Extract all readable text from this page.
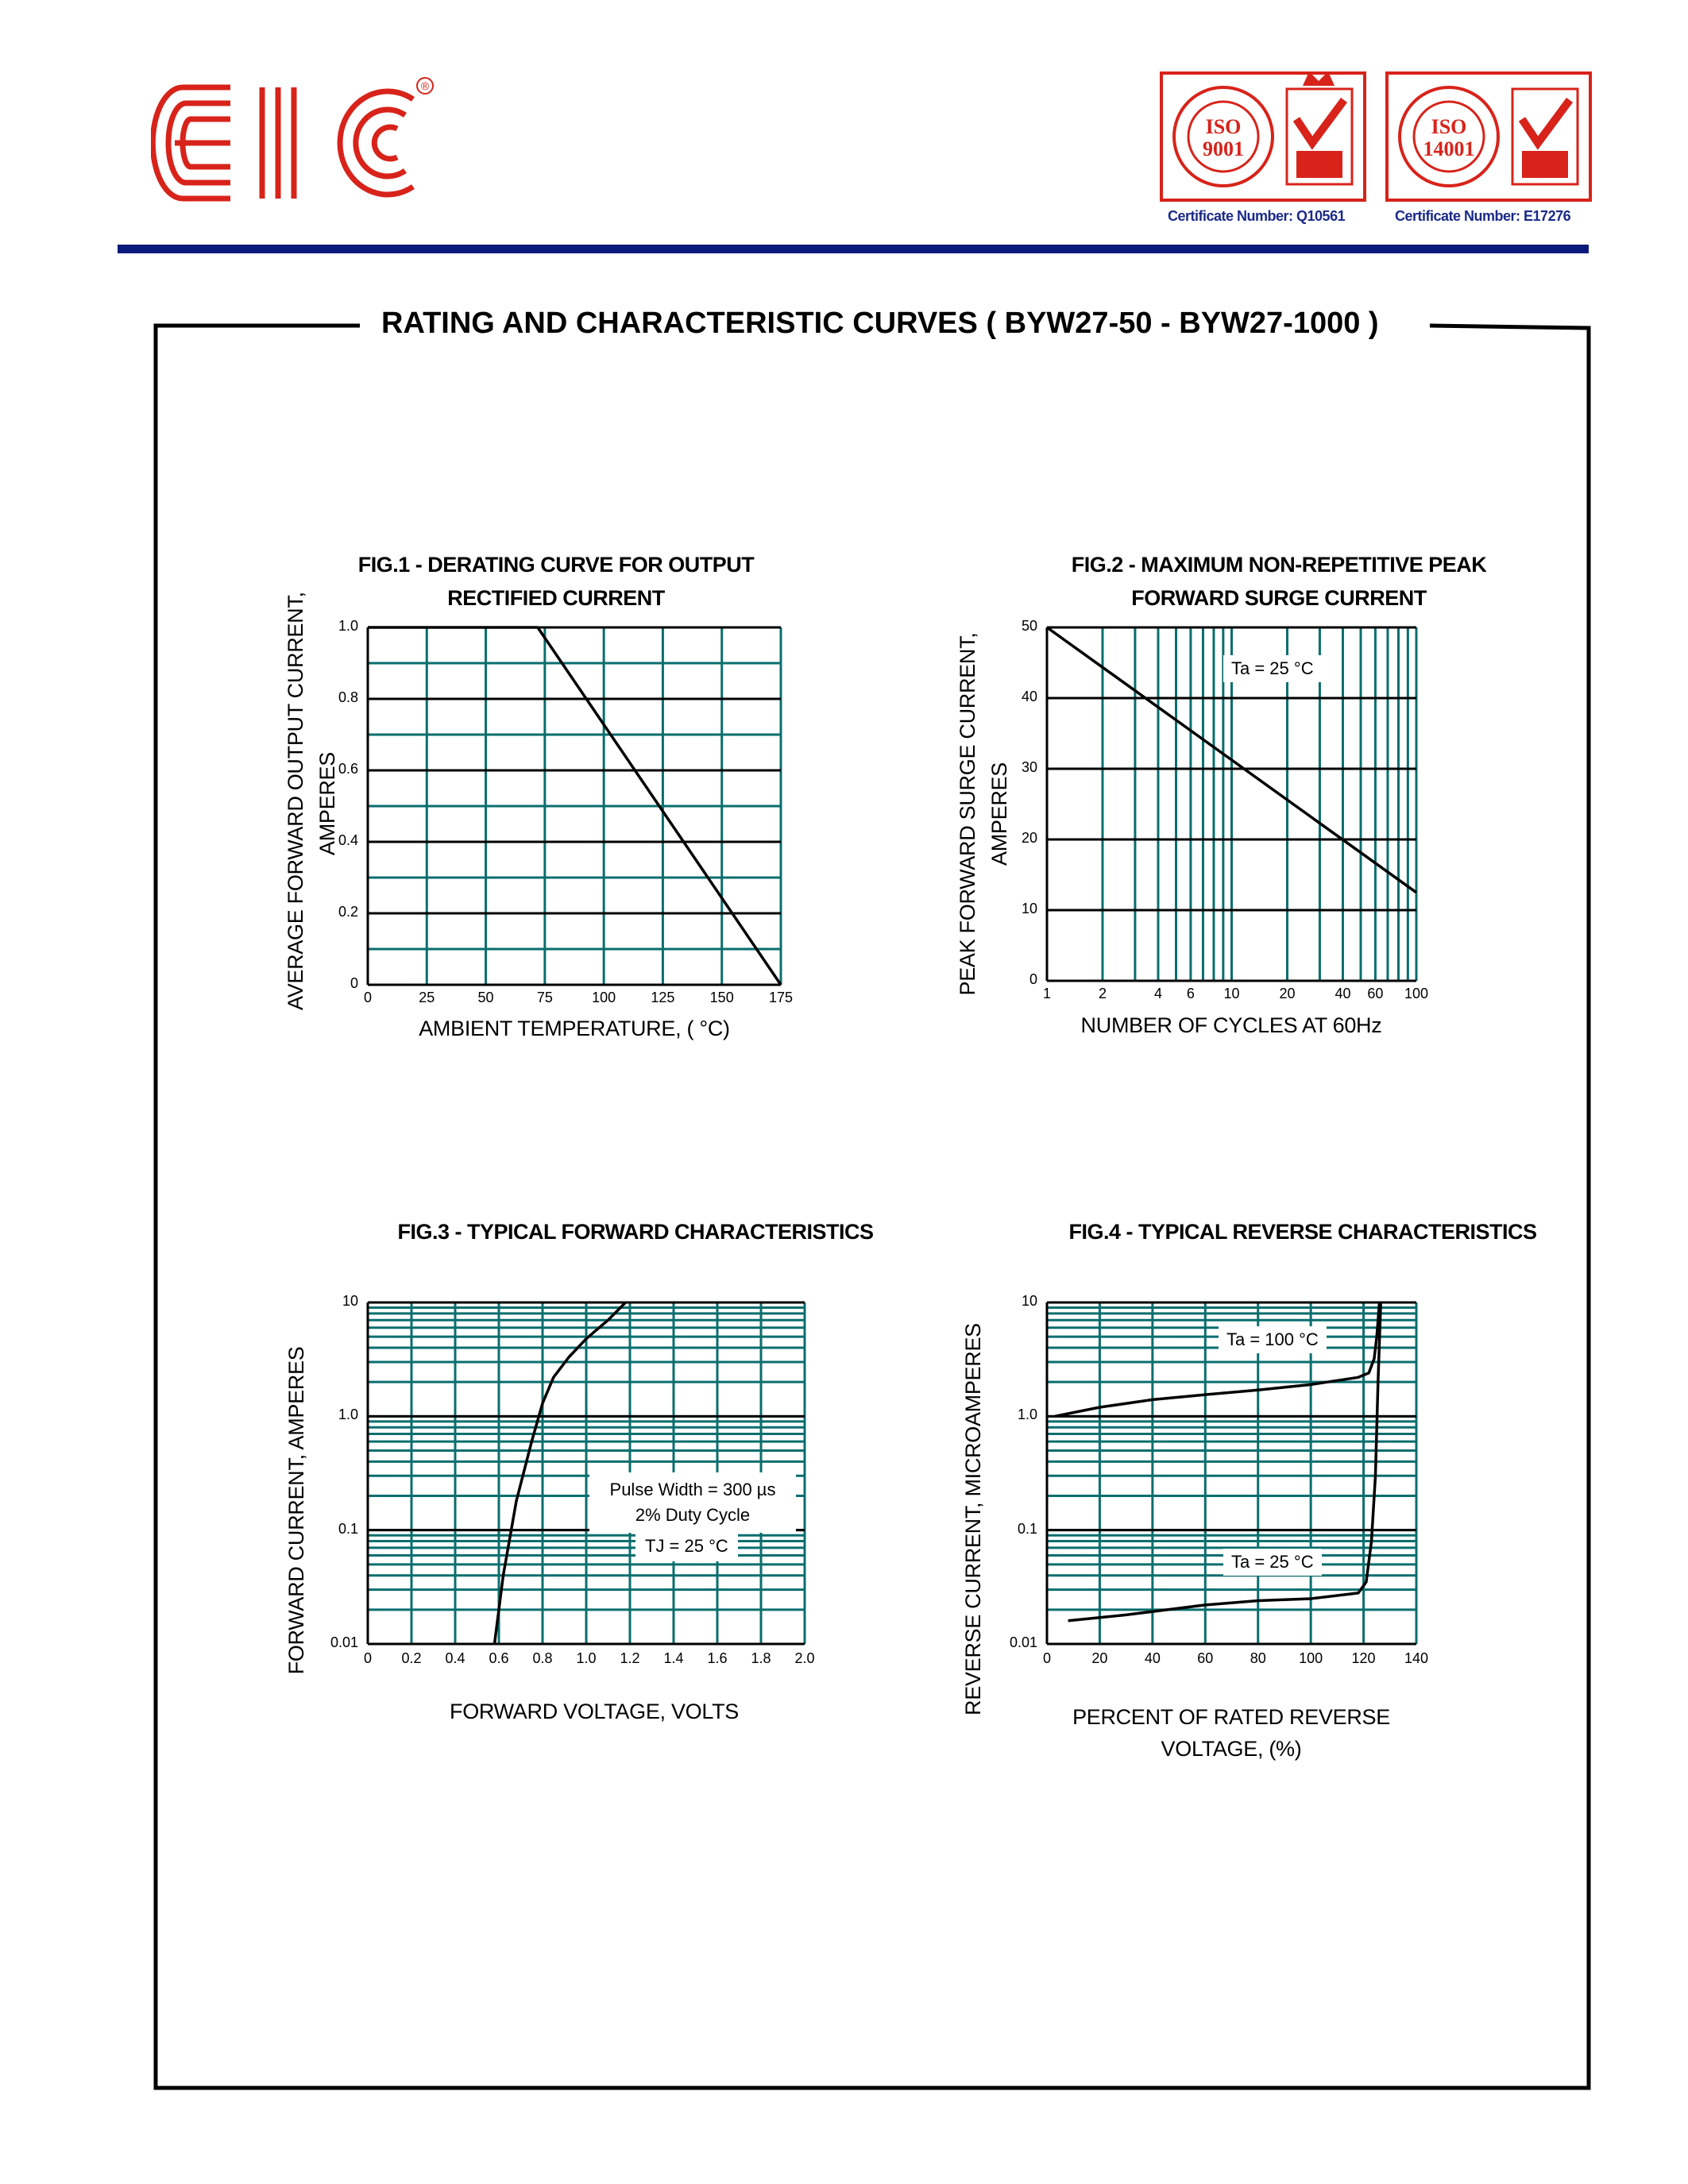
®
ISO
9001
ISO
14001
Certificate Number: Q10561	Certificate Number: E17276
RATING AND CHARACTERISTIC CURVES ( BYW27-50 - BYW27-1000 )
FIG.1 - DERATING CURVE FOR OUTPUT
RECTIFIED CURRENT
AVERAGE FORWARD OUTPUT CURRENT, AMPERES
AMBIENT TEMPERATURE, ( °C)
0	25	50	75	100	125	150	175
0
0.2
0.4
0.6
0.8
1.0
FIG.2 - MAXIMUM NON-REPETITIVE PEAK
FORWARD SURGE CURRENT
PEAK FORWARD SURGE CURRENT, AMPERES
NUMBER OF CYCLES AT 60Hz
Ta = 25 °C
1	2	4	6	10	20	40	60	100
0
10
20
30
40
50
FIG.3 - TYPICAL FORWARD CHARACTERISTICS
FORWARD CURRENT, AMPERES
FORWARD VOLTAGE, VOLTS
Pulse Width = 300 µs
2% Duty Cycle
TJ = 25 °C
0	0.2	0.4	0.6	0.8	1.0	1.2	1.4	1.6	1.8	2.0
0.01
0.1
1.0
10
FIG.4 - TYPICAL REVERSE CHARACTERISTICS
REVERSE CURRENT, MICROAMPERES
PERCENT OF RATED REVERSE
VOLTAGE, (%)
Ta = 100 °C
Ta = 25 °C
0	20	40	60	80	100	120	140
0.01
0.1
1.0
10
